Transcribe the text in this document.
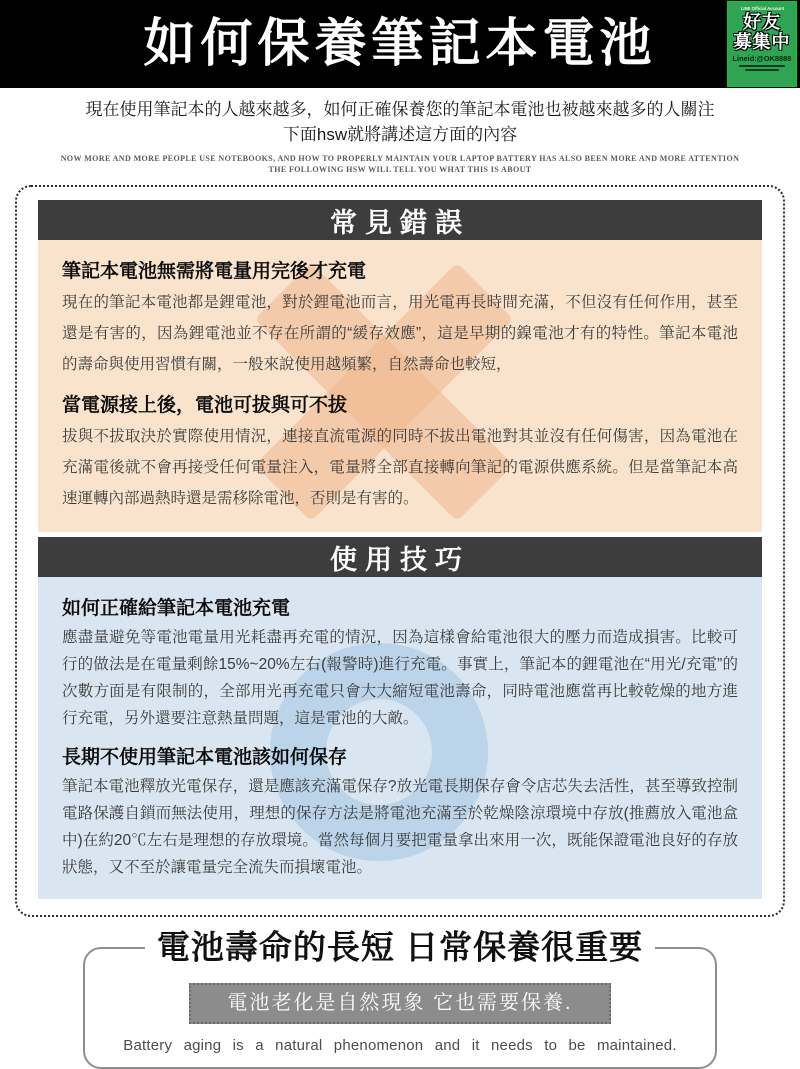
如何保養筆記本電池
LINE Official Account
好友
募集中
Lineid:@OK8888
現在使用筆記本的人越來越多，如何正確保養您的筆記本電池也被越來越多的人關注
下面hsw就將講述這方面的內容
NOW MORE AND MORE PEOPLE USE NOTEBOOKS, AND HOW TO PROPERLY MAINTAIN YOUR LAPTOP BATTERY HAS ALSO BEEN MORE AND MORE ATTENTION
THE FOLLOWING HSW WILL TELL YOU WHAT THIS IS ABOUT
常見錯誤
筆記本電池無需將電量用完後才充電

現在的筆記本電池都是鋰電池，對於鋰電池而言，用光電再長時間充滿，不但沒有任何作用，甚至還是有害的，因為鋰電池並不存在所謂的“緩存效應”，這是早期的鎳電池才有的特性。筆記本電池的壽命與使用習慣有關，一般來說使用越頻繁，自然壽命也較短，

當電源接上後，電池可拔與可不拔

拔與不拔取決於實際使用情況，連接直流電源的同時不拔出電池對其並沒有任何傷害，因為電池在充滿電後就不會再接受任何電量注入，電量將全部直接轉向筆記的電源供應系統。但是當筆記本高速運轉內部過熱時還是需移除電池，否則是有害的。

使用技巧
如何正確給筆記本電池充電

應盡量避免等電池電量用光耗盡再充電的情況，因為這樣會給電池很大的壓力而造成損害。比較可行的做法是在電量剩餘15%~20%左右(報警時)進行充電。事實上，筆記本的鋰電池在“用光/充電”的次數方面是有限制的，全部用光再充電只會大大縮短電池壽命，同時電池應當再比較乾燥的地方進行充電，另外還要注意熱量問題，這是電池的大敵。

長期不使用筆記本電池該如何保存

筆記本電池釋放光電保存，還是應該充滿電保存?放光電長期保存會令店芯失去活性，甚至導致控制電路保護自鎖而無法使用，理想的保存方法是將電池充滿至於乾燥陰涼環境中存放(推薦放入電池盒中)在約20℃左右是理想的存放環境。當然每個月要把電量拿出來用一次，既能保證電池良好的存放狀態，又不至於讓電量完全流失而損壞電池。

電池壽命的長短 日常保養很重要
電池老化是自然現象 它也需要保養.
Battery aging is a natural phenomenon and it needs to be maintained.
